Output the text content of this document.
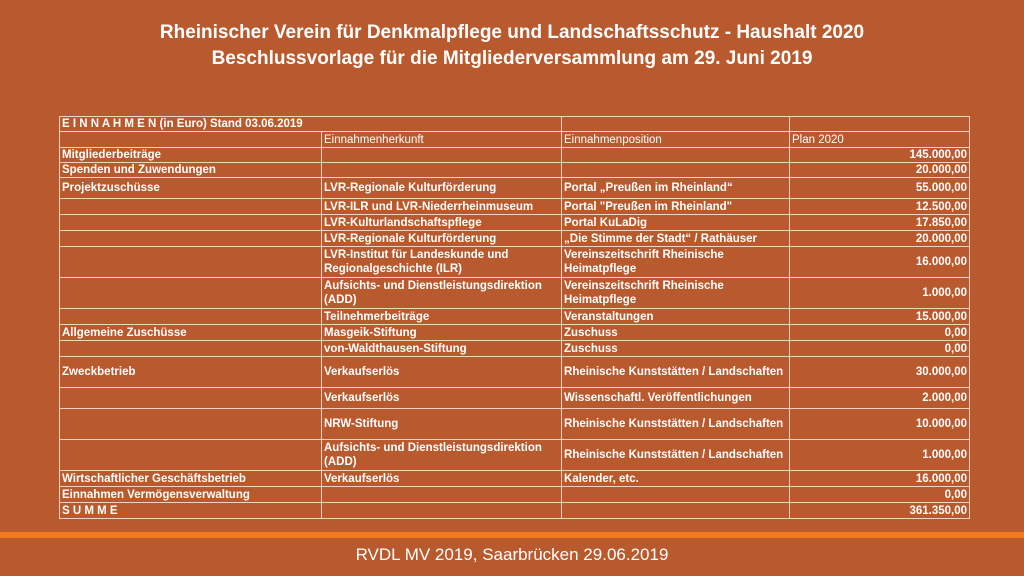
Rheinischer Verein für Denkmalpflege und Landschaftsschutz - Haushalt 2020
Beschlussvorlage für die Mitgliederversammlung am 29. Juni 2019
E I N N A H M E N (in Euro) Stand 03.06.2019			
	Einnahmenherkunft	Einnahmenposition	Plan 2020
Mitgliederbeiträge			145.000,00
Spenden und Zuwendungen			20.000,00
Projektzuschüsse	LVR-Regionale Kulturförderung	Portal „Preußen im Rheinland“	55.000,00
	LVR-ILR und LVR-Niederrheinmuseum	Portal "Preußen im Rheinland"	12.500,00
	LVR-Kulturlandschaftspflege	Portal KuLaDig	17.850,00
	LVR-Regionale Kulturförderung	„Die Stimme der Stadt“ / Rathäuser	20.000,00
	LVR-Institut für Landeskunde und Regionalgeschichte (ILR)	Vereinszeitschrift Rheinische Heimatpflege	16.000,00
	Aufsichts- und Dienstleistungsdirektion (ADD)	Vereinszeitschrift Rheinische Heimatpflege	1.000,00
	Teilnehmerbeiträge	Veranstaltungen	15.000,00
Allgemeine Zuschüsse	Masgeik-Stiftung	Zuschuss	0,00
	von-Waldthausen-Stiftung	Zuschuss	0,00
Zweckbetrieb	Verkaufserlös	Rheinische Kunststätten / Landschaften	30.000,00
	Verkaufserlös	Wissenschaftl. Veröffentlichungen	2.000,00
	NRW-Stiftung	Rheinische Kunststätten / Landschaften	10.000,00
	Aufsichts- und Dienstleistungsdirektion (ADD)	Rheinische Kunststätten / Landschaften	1.000,00
Wirtschaftlicher Geschäftsbetrieb	Verkaufserlös	Kalender, etc.	16.000,00
Einnahmen Vermögensverwaltung			0,00
S U M M E			361.350,00
RVDL MV 2019, Saarbrücken 29.06.2019
